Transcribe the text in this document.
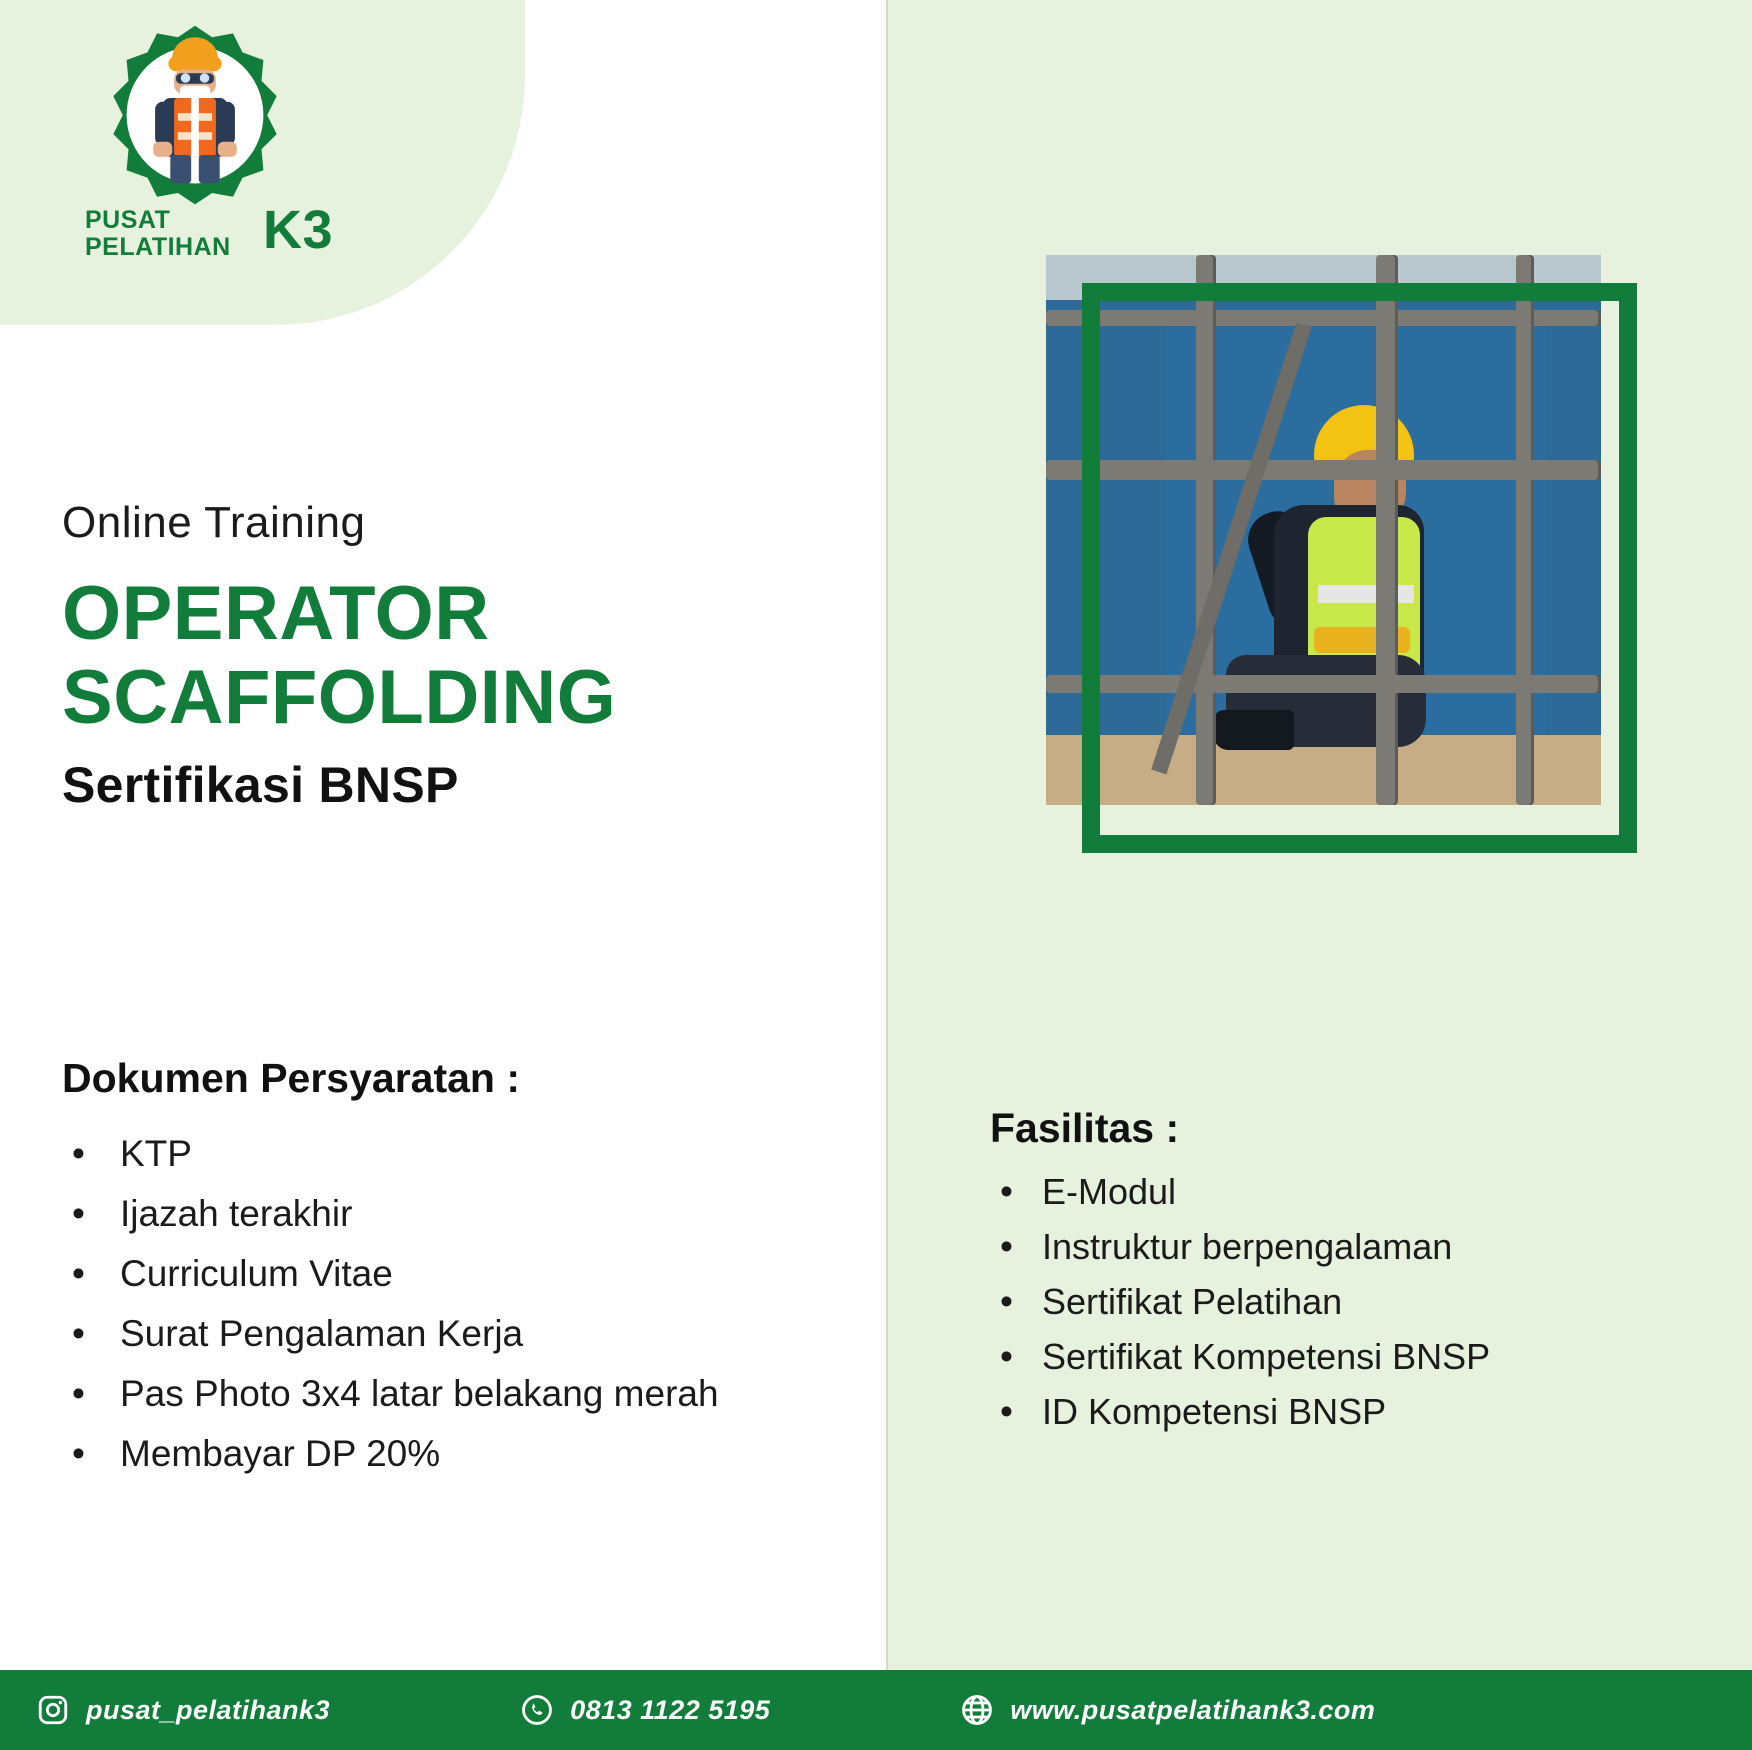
PUSAT
PELATIHAN K3
Online Training
OPERATOR
SCAFFOLDING
Sertifikasi BNSP
Dokumen Persyaratan :
• KTP
• Ijazah terakhir
• Curriculum Vitae
• Surat Pengalaman Kerja
• Pas Photo 3x4 latar belakang merah
• Membayar DP 20%
Fasilitas :
• E-Modul
• Instruktur berpengalaman
• Sertifikat Pelatihan
• Sertifikat Kompetensi BNSP
• ID Kompetensi BNSP
pusat_pelatihank3	0813 1122 5195	www.pusatpelatihank3.com
